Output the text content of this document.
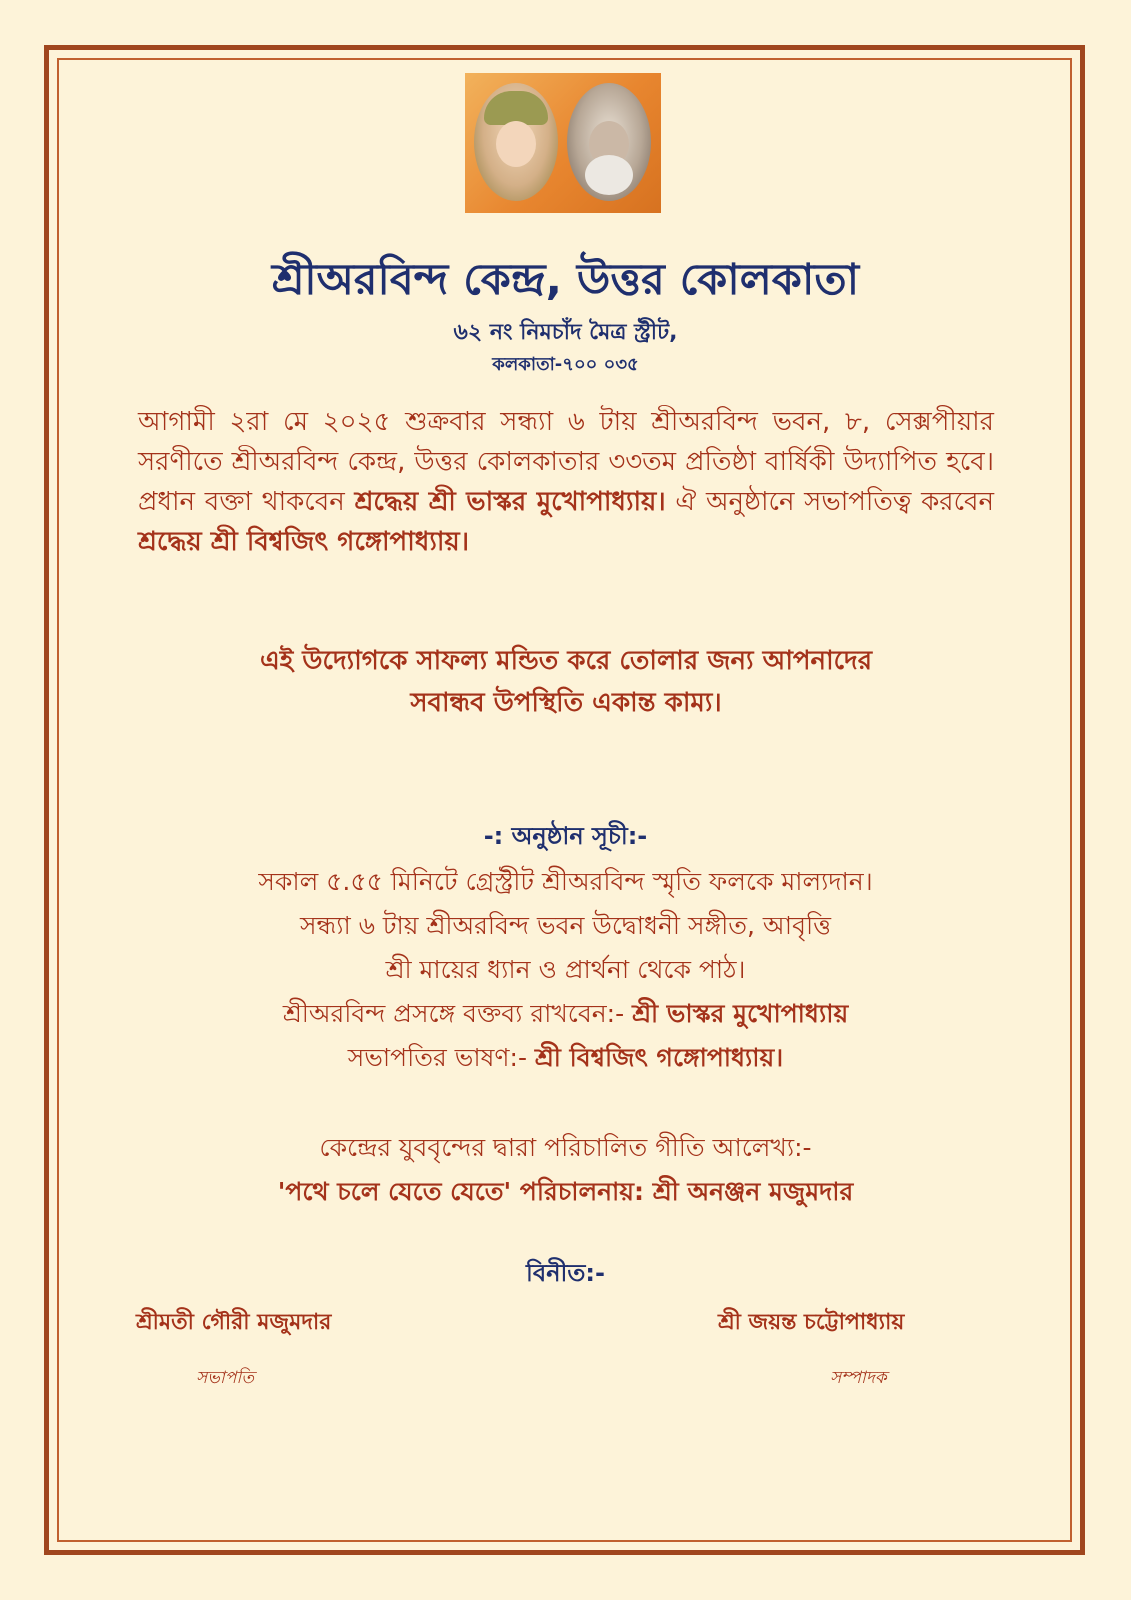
শ্রীঅরবিন্দ কেন্দ্র, উত্তর কোলকাতা
৬২ নং নিমচাঁদ মৈত্র স্ট্রীট,
কলকাতা-৭০০ ০৩৫
আগামী ২রা মে ২০২৫ শুক্রবার সন্ধ্যা ৬ টায় শ্রীঅরবিন্দ ভবন, ৮, সেক্সপীয়ার সরণীতে শ্রীঅরবিন্দ কেন্দ্র, উত্তর কোলকাতার ৩৩তম প্রতিষ্ঠা বার্ষিকী উদ্যাপিত হবে। প্রধান বক্তা থাকবেন শ্রদ্ধেয় শ্রী ভাস্কর মুখোপাধ্যায়। ঐ অনুষ্ঠানে সভাপতিত্ব করবেন শ্রদ্ধেয় শ্রী বিশ্বজিৎ গঙ্গোপাধ্যায়।
এই উদ্যোগকে সাফল্য মন্ডিত করে তোলার জন্য আপনাদের
সবান্ধব উপস্থিতি একান্ত কাম্য।
-: অনুষ্ঠান সূচী:-
সকাল ৫.৫৫ মিনিটে গ্রেস্ট্রীট শ্রীঅরবিন্দ স্মৃতি ফলকে মাল্যদান।
সন্ধ্যা ৬ টায় শ্রীঅরবিন্দ ভবন উদ্বোধনী সঙ্গীত, আবৃত্তি
শ্রী মায়ের ধ্যান ও প্রার্থনা থেকে পাঠ।
শ্রীঅরবিন্দ প্রসঙ্গে বক্তব্য রাখবেন:- শ্রী ভাস্কর মুখোপাধ্যায়
সভাপতির ভাষণ:- শ্রী বিশ্বজিৎ গঙ্গোপাধ্যায়।
কেন্দ্রের যুববৃন্দের দ্বারা পরিচালিত গীতি আলেখ্য:-
'পথে চলে যেতে যেতে' পরিচালনায়: শ্রী অনঞ্জন মজুমদার
বিনীত:-
শ্রীমতী গৌরী মজুমদার
সভাপতি
শ্রী জয়ন্ত চট্টোপাধ্যায়
সম্পাদক
